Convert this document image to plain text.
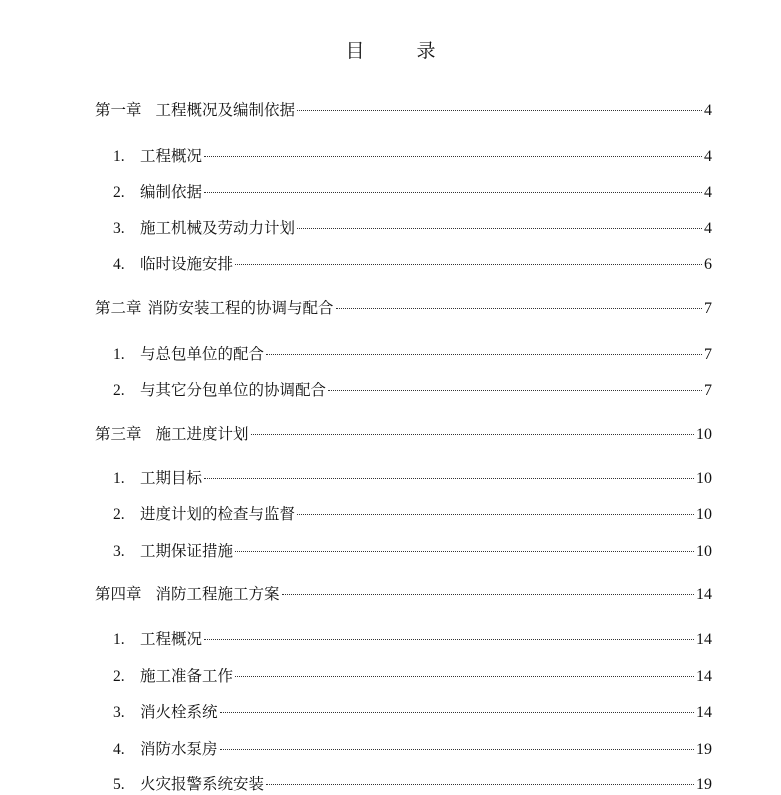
目	录
第一章 工程概况及编制依据	4
1. 工程概况	4
2. 编制依据	4
3. 施工机械及劳动力计划	4
4. 临时设施安排	6
第二章 消防安装工程的协调与配合	7
1. 与总包单位的配合	7
2. 与其它分包单位的协调配合	7
第三章 施工进度计划	10
1. 工期目标	10
2. 进度计划的检查与监督	10
3. 工期保证措施	10
第四章 消防工程施工方案	14
1. 工程概况	14
2. 施工准备工作	14
3. 消火栓系统	14
4. 消防水泵房	19
5. 火灾报警系统安装	19
